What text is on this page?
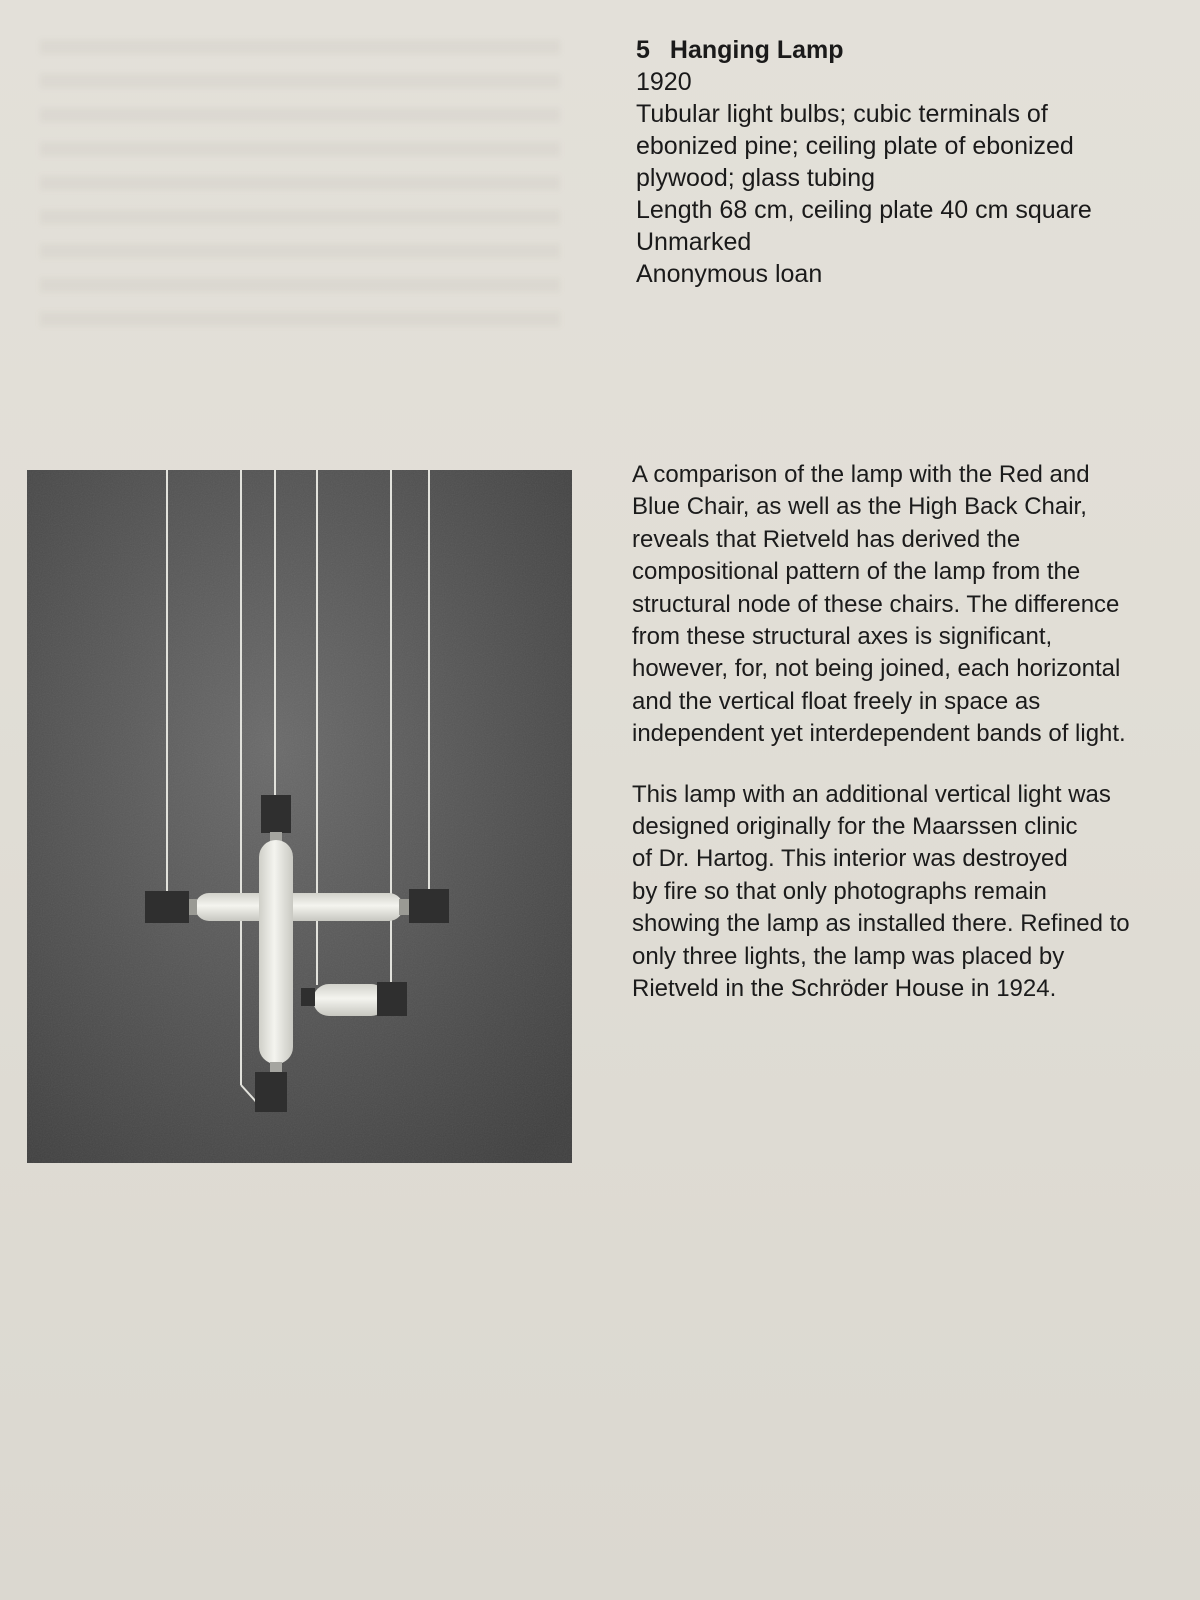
5 Hanging Lamp
1920
Tubular light bulbs; cubic terminals of
ebonized pine; ceiling plate of ebonized
plywood; glass tubing
Length 68 cm, ceiling plate 40 cm square
Unmarked
Anonymous loan

A comparison of the lamp with the Red and
Blue Chair, as well as the High Back Chair,
reveals that Rietveld has derived the
compositional pattern of the lamp from the
structural node of these chairs. The difference
from these structural axes is significant,
however, for, not being joined, each horizontal
and the vertical float freely in space as
independent yet interdependent bands of light.

This lamp with an additional vertical light was
designed originally for the Maarssen clinic
of Dr. Hartog. This interior was destroyed
by fire so that only photographs remain
showing the lamp as installed there. Refined to
only three lights, the lamp was placed by
Rietveld in the Schröder House in 1924.
